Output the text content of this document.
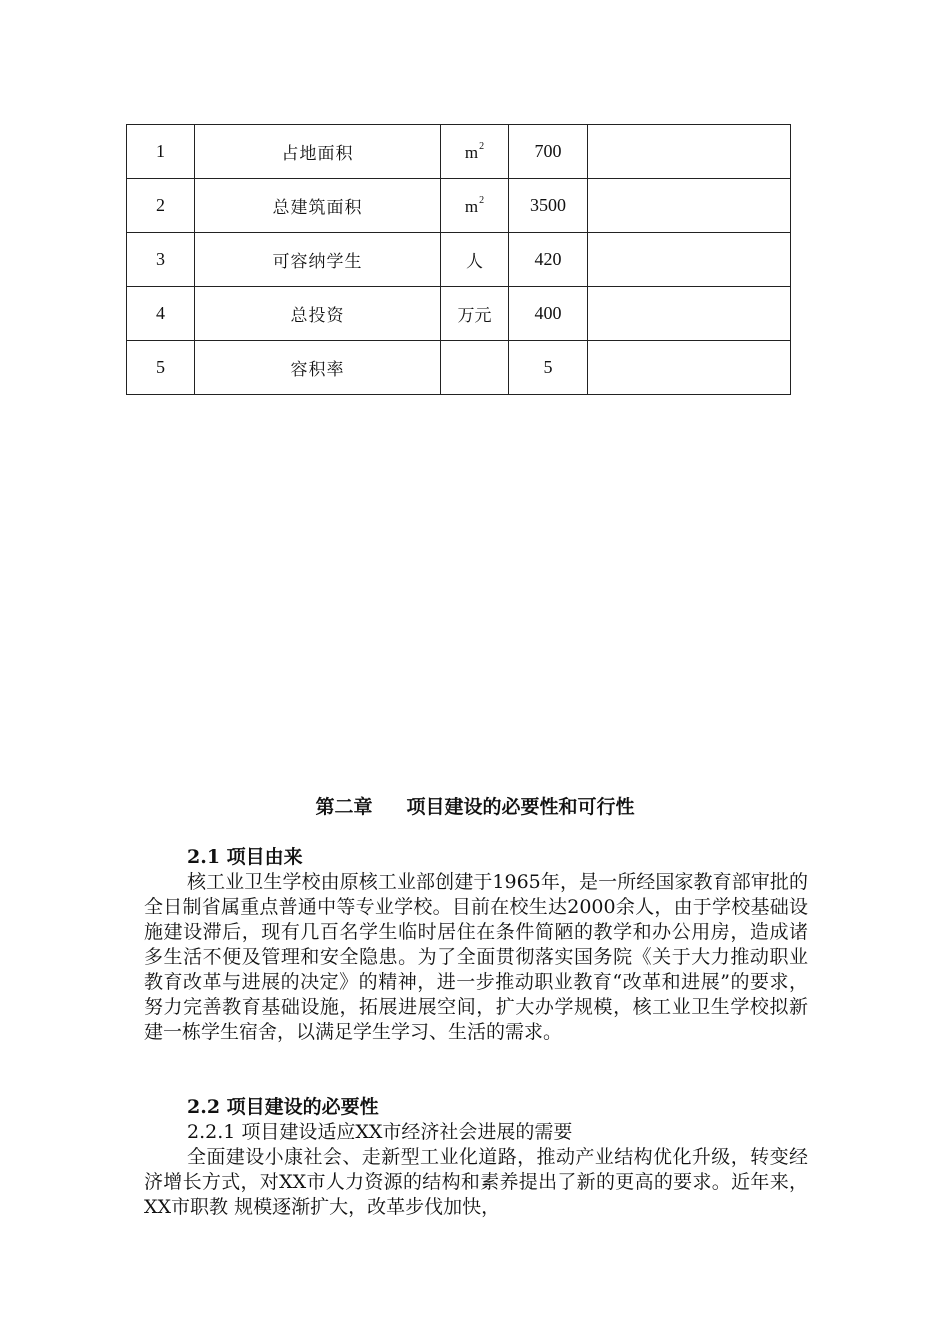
1	占地面积	$m^2$	700	
2	总建筑面积	$m^2$	3500	
3	可容纳学生	人	420	
4	总投资	万元	400	
5	容积率		5	
第二章 项目建设的必要性和可行性
2.1 项目由来
核工业卫生学校由原核工业部创建于1965年，是一所经国家教育部审批的全日制省属重点普通中等专业学校。目前在校生达2000余人，由于学校基础设施建设滞后，现有几百名学生临时居住在条件简陋的教学和办公用房，造成诸多生活不便及管理和安全隐患。为了全面贯彻落实国务院《关于大力推动职业教育改革与进展的决定》的精神，进一步推动职业教育“改革和进展”的要求，努力完善教育基础设施，拓展进展空间，扩大办学规模，核工业卫生学校拟新建一栋学生宿舍，以满足学生学习、生活的需求。
2.2 项目建设的必要性
2.2.1 项目建设适应XX市经济社会进展的需要
全面建设小康社会、走新型工业化道路，推动产业结构优化升级，转变经济增长方式，对XX市人力资源的结构和素养提出了新的更高的要求。近年来，XX市职教 规模逐渐扩大，改革步伐加快，
